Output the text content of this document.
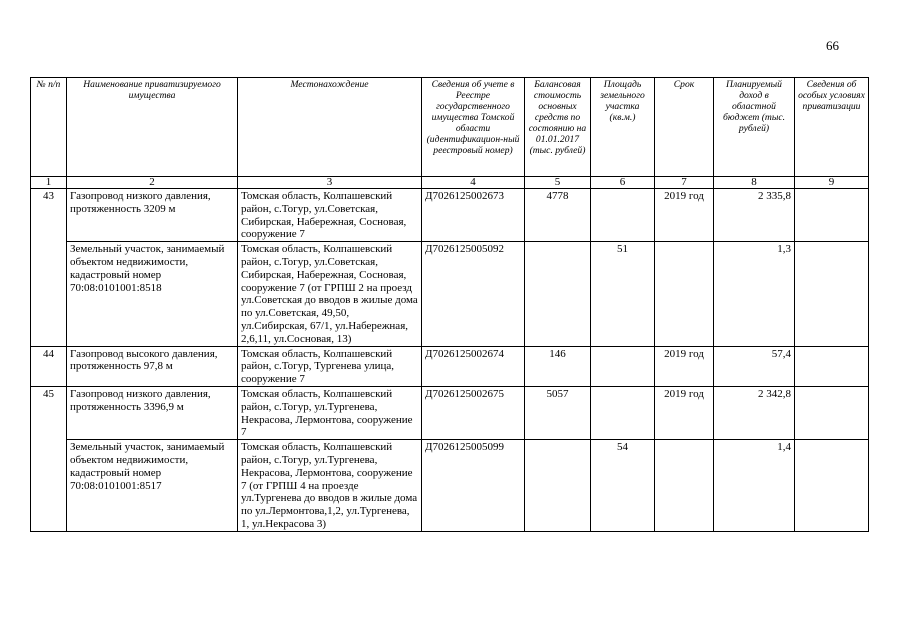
66
№ п/п	Наименование приватизируемого имущества	Местонахождение	Сведения об учете в Реестре государственного имущества Томской области (идентификацион-ный реестровый номер)	Балансовая стоимость основных средств по состоянию на 01.01.2017 (тыс. рублей)	Площадь земельного участка (кв.м.)	Срок	Планируемый доход в областной бюджет (тыс. рублей)	Сведения об особых условиях приватизации
1	2	3	4	5	6	7	8	9
43	Газопровод низкого давления, протяженность 3209 м	Томская область, Колпашевский район, с.Тогур, ул.Советская, Сибирская, Набережная, Сосновая, сооружение 7	Д7026125002673	4778		2019 год	2 335,8	
	Земельный участок, занимаемый объектом недвижимости, кадастровый номер 70:08:0101001:8518	Томская область, Колпашевский район, с.Тогур, ул.Советская, Сибирская, Набережная, Сосновая, сооружение 7 (от ГРПШ 2 на проезд ул.Советская до вводов в жилые дома по ул.Советская, 49,50, ул.Сибирская, 67/1, ул.Набережная, 2,6,11, ул.Сосновая, 13)	Д7026125005092		51		1,3	
44	Газопровод высокого давления, протяженность 97,8 м	Томская область, Колпашевский район, с.Тогур, Тургенева улица, сооружение 7	Д7026125002674	146		2019 год	57,4	
45	Газопровод низкого давления, протяженность 3396,9 м	Томская область, Колпашевский район, с.Тогур, ул.Тургенева, Некрасова, Лермонтова, сооружение 7	Д7026125002675	5057		2019 год	2 342,8	
	Земельный участок, занимаемый объектом недвижимости, кадастровый номер 70:08:0101001:8517	Томская область, Колпашевский район, с.Тогур, ул.Тургенева, Некрасова, Лермонтова, сооружение 7 (от ГРПШ 4 на проезде ул.Тургенева до вводов в жилые дома по ул.Лермонтова,1,2, ул.Тургенева, 1, ул.Некрасова 3)	Д7026125005099		54		1,4	
